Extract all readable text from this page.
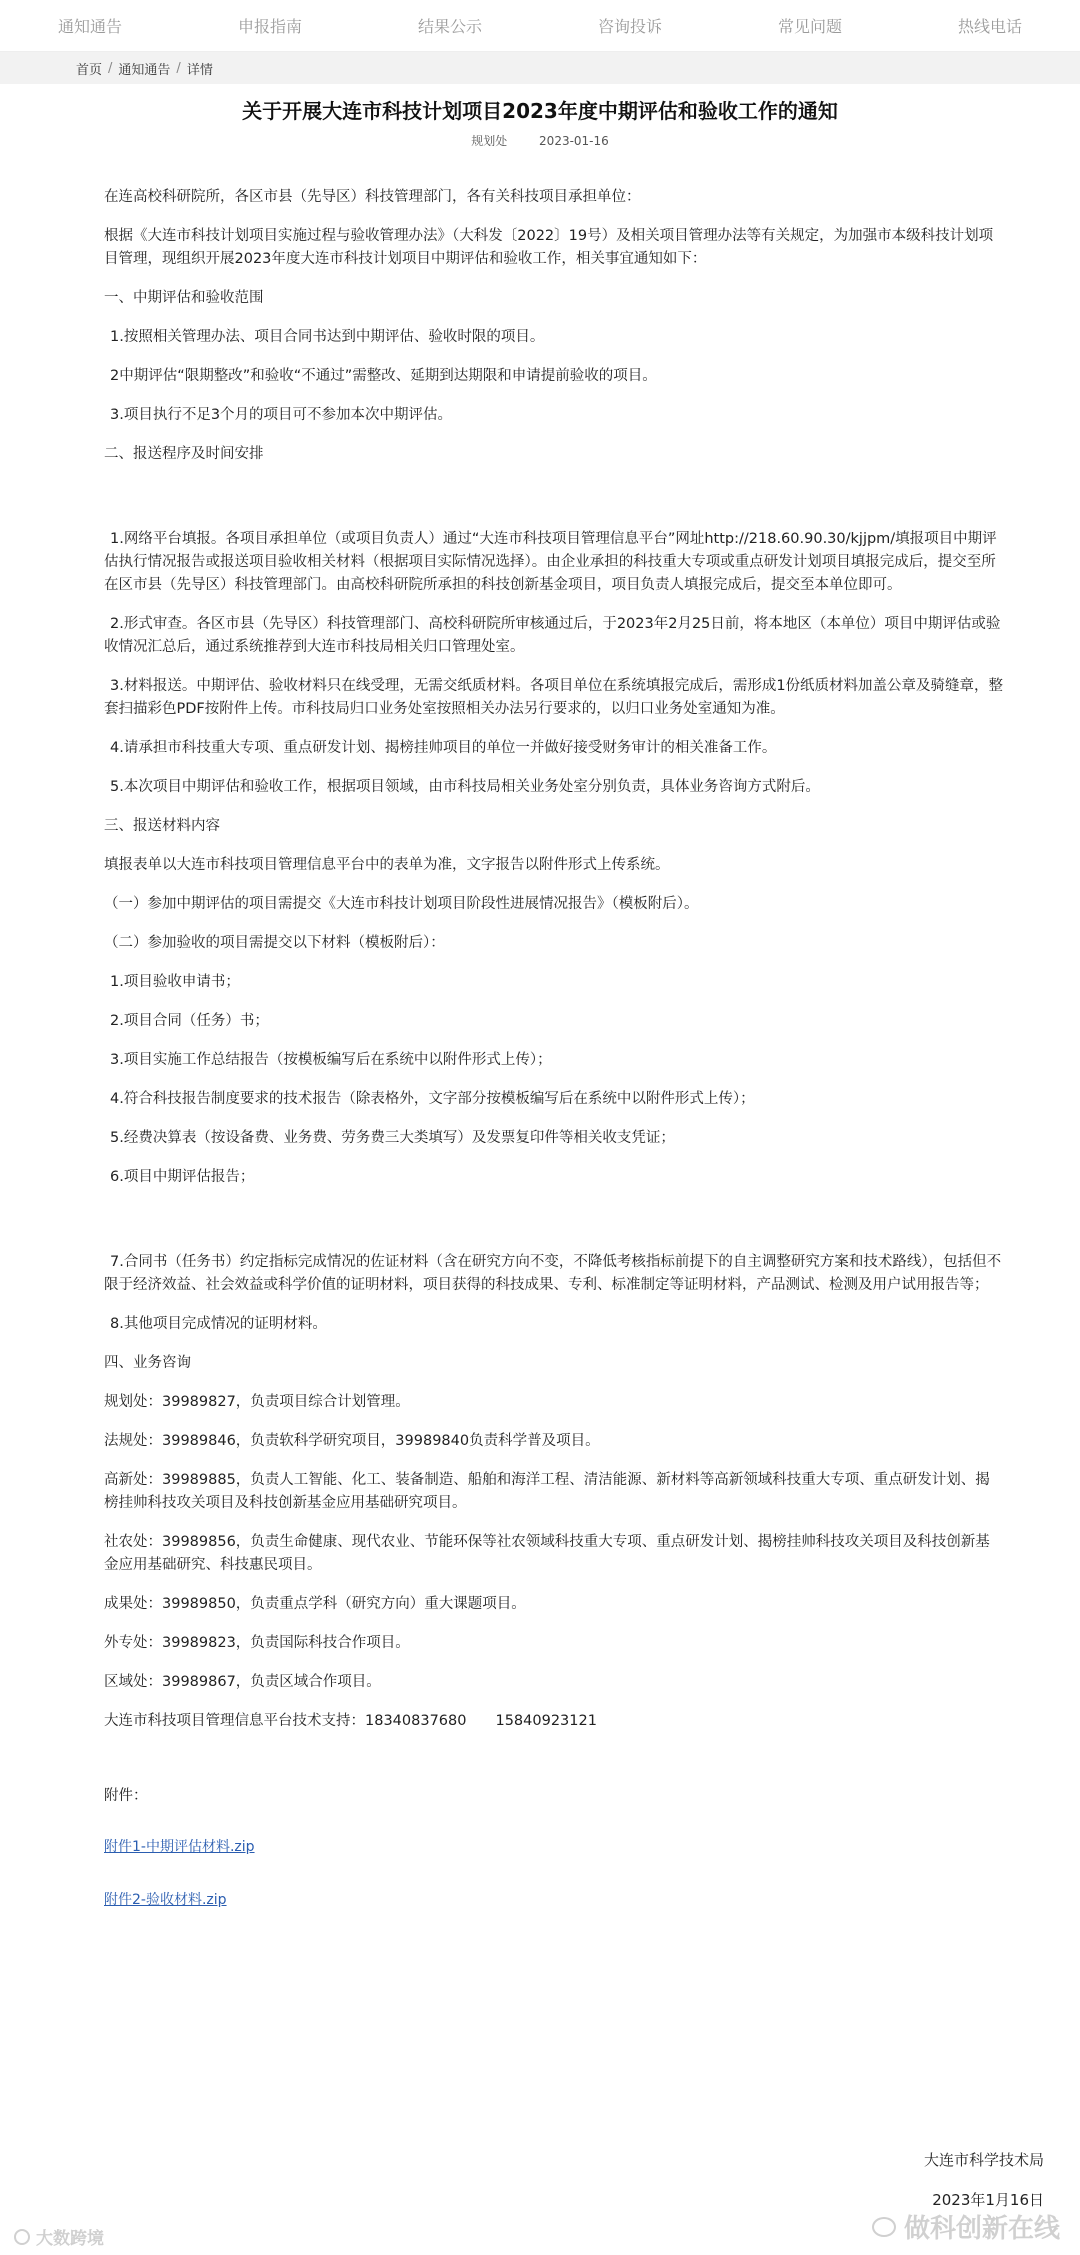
通知通告	申报指南	结果公示	咨询投诉	常见问题	热线电话
首页 / 通知通告 / 详情
关于开展大连市科技计划项目2023年度中期评估和验收工作的通知
规划处	2023-01-16

在连高校科研院所，各区市县（先导区）科技管理部门，各有关科技项目承担单位：

根据《大连市科技计划项目实施过程与验收管理办法》（大科发〔2022〕19号）及相关项目管理办法等有关规定，为加强市本级科技计划项目管理，现组织开展2023年度大连市科技计划项目中期评估和验收工作，相关事宜通知如下：

一、中期评估和验收范围

1.按照相关管理办法、项目合同书达到中期评估、验收时限的项目。

2中期评估“限期整改”和验收“不通过”需整改、延期到达期限和申请提前验收的项目。

3.项目执行不足3个月的项目可不参加本次中期评估。

二、报送程序及时间安排

1.网络平台填报。各项目承担单位（或项目负责人）通过“大连市科技项目管理信息平台”网址http://218.60.90.30/kjjpm/填报项目中期评估执行情况报告或报送项目验收相关材料（根据项目实际情况选择）。由企业承担的科技重大专项或重点研发计划项目填报完成后，提交至所在区市县（先导区）科技管理部门。由高校科研院所承担的科技创新基金项目，项目负责人填报完成后，提交至本单位即可。

2.形式审查。各区市县（先导区）科技管理部门、高校科研院所审核通过后，于2023年2月25日前，将本地区（本单位）项目中期评估或验收情况汇总后，通过系统推荐到大连市科技局相关归口管理处室。

3.材料报送。中期评估、验收材料只在线受理，无需交纸质材料。各项目单位在系统填报完成后，需形成1份纸质材料加盖公章及骑缝章，整套扫描彩色PDF按附件上传。市科技局归口业务处室按照相关办法另行要求的，以归口业务处室通知为准。

4.请承担市科技重大专项、重点研发计划、揭榜挂帅项目的单位一并做好接受财务审计的相关准备工作。

5.本次项目中期评估和验收工作，根据项目领域，由市科技局相关业务处室分别负责，具体业务咨询方式附后。

三、报送材料内容

填报表单以大连市科技项目管理信息平台中的表单为准，文字报告以附件形式上传系统。

（一）参加中期评估的项目需提交《大连市科技计划项目阶段性进展情况报告》（模板附后）。

（二）参加验收的项目需提交以下材料（模板附后）：

1.项目验收申请书；

2.项目合同（任务）书；

3.项目实施工作总结报告（按模板编写后在系统中以附件形式上传）；

4.符合科技报告制度要求的技术报告（除表格外，文字部分按模板编写后在系统中以附件形式上传）；

5.经费决算表（按设备费、业务费、劳务费三大类填写）及发票复印件等相关收支凭证；

6.项目中期评估报告；

7.合同书（任务书）约定指标完成情况的佐证材料（含在研究方向不变，不降低考核指标前提下的自主调整研究方案和技术路线），包括但不限于经济效益、社会效益或科学价值的证明材料，项目获得的科技成果、专利、标准制定等证明材料，产品测试、检测及用户试用报告等；

8.其他项目完成情况的证明材料。

四、业务咨询

规划处：39989827，负责项目综合计划管理。

法规处：39989846，负责软科学研究项目，39989840负责科学普及项目。

高新处：39989885，负责人工智能、化工、装备制造、船舶和海洋工程、清洁能源、新材料等高新领域科技重大专项、重点研发计划、揭榜挂帅科技攻关项目及科技创新基金应用基础研究项目。

社农处：39989856，负责生命健康、现代农业、节能环保等社农领域科技重大专项、重点研发计划、揭榜挂帅科技攻关项目及科技创新基金应用基础研究、科技惠民项目。

成果处：39989850，负责重点学科（研究方向）重大课题项目。

外专处：39989823，负责国际科技合作项目。

区域处：39989867，负责区域合作项目。

大连市科技项目管理信息平台技术支持：18340837680　　15840923121

附件：

附件1-中期评估材料.zip

附件2-验收材料.zip

大连市科学技术局
2023年1月16日
大数跨境	做科创新在线
